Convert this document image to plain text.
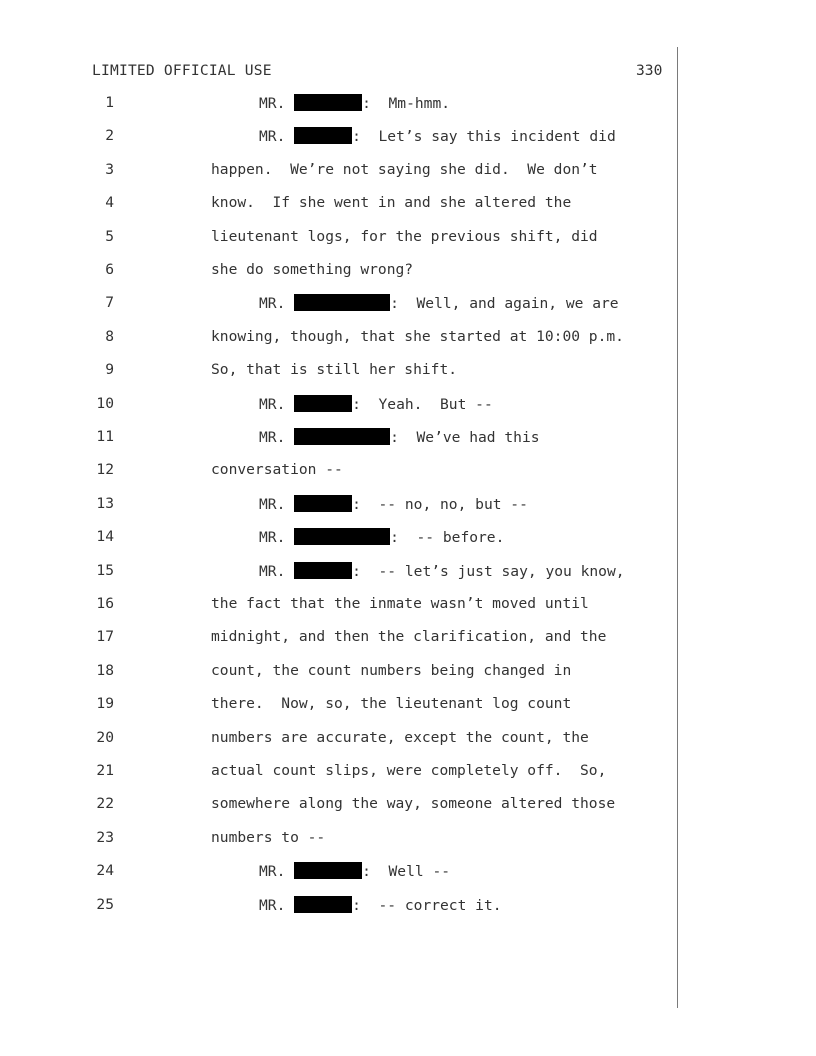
LIMITED OFFICIAL USE	330
1	MR.	:  Mm-hmm.
2	MR.	:  Let’s say this incident did
3	happen.  We’re not saying she did.  We don’t
4	know.  If she went in and she altered the
5	lieutenant logs, for the previous shift, did
6	she do something wrong?
7	MR.	:  Well, and again, we are
8	knowing, though, that she started at 10:00 p.m.
9	So, that is still her shift.
10	MR.	:  Yeah.  But --
11	MR.	:  We’ve had this
12	conversation --
13	MR.	:  -- no, no, but --
14	MR.	:  -- before.
15	MR.	:  -- let’s just say, you know,
16	the fact that the inmate wasn’t moved until
17	midnight, and then the clarification, and the
18	count, the count numbers being changed in
19	there.  Now, so, the lieutenant log count
20	numbers are accurate, except the count, the
21	actual count slips, were completely off.  So,
22	somewhere along the way, someone altered those
23	numbers to --
24	MR.	:  Well --
25	MR.	:  -- correct it.
